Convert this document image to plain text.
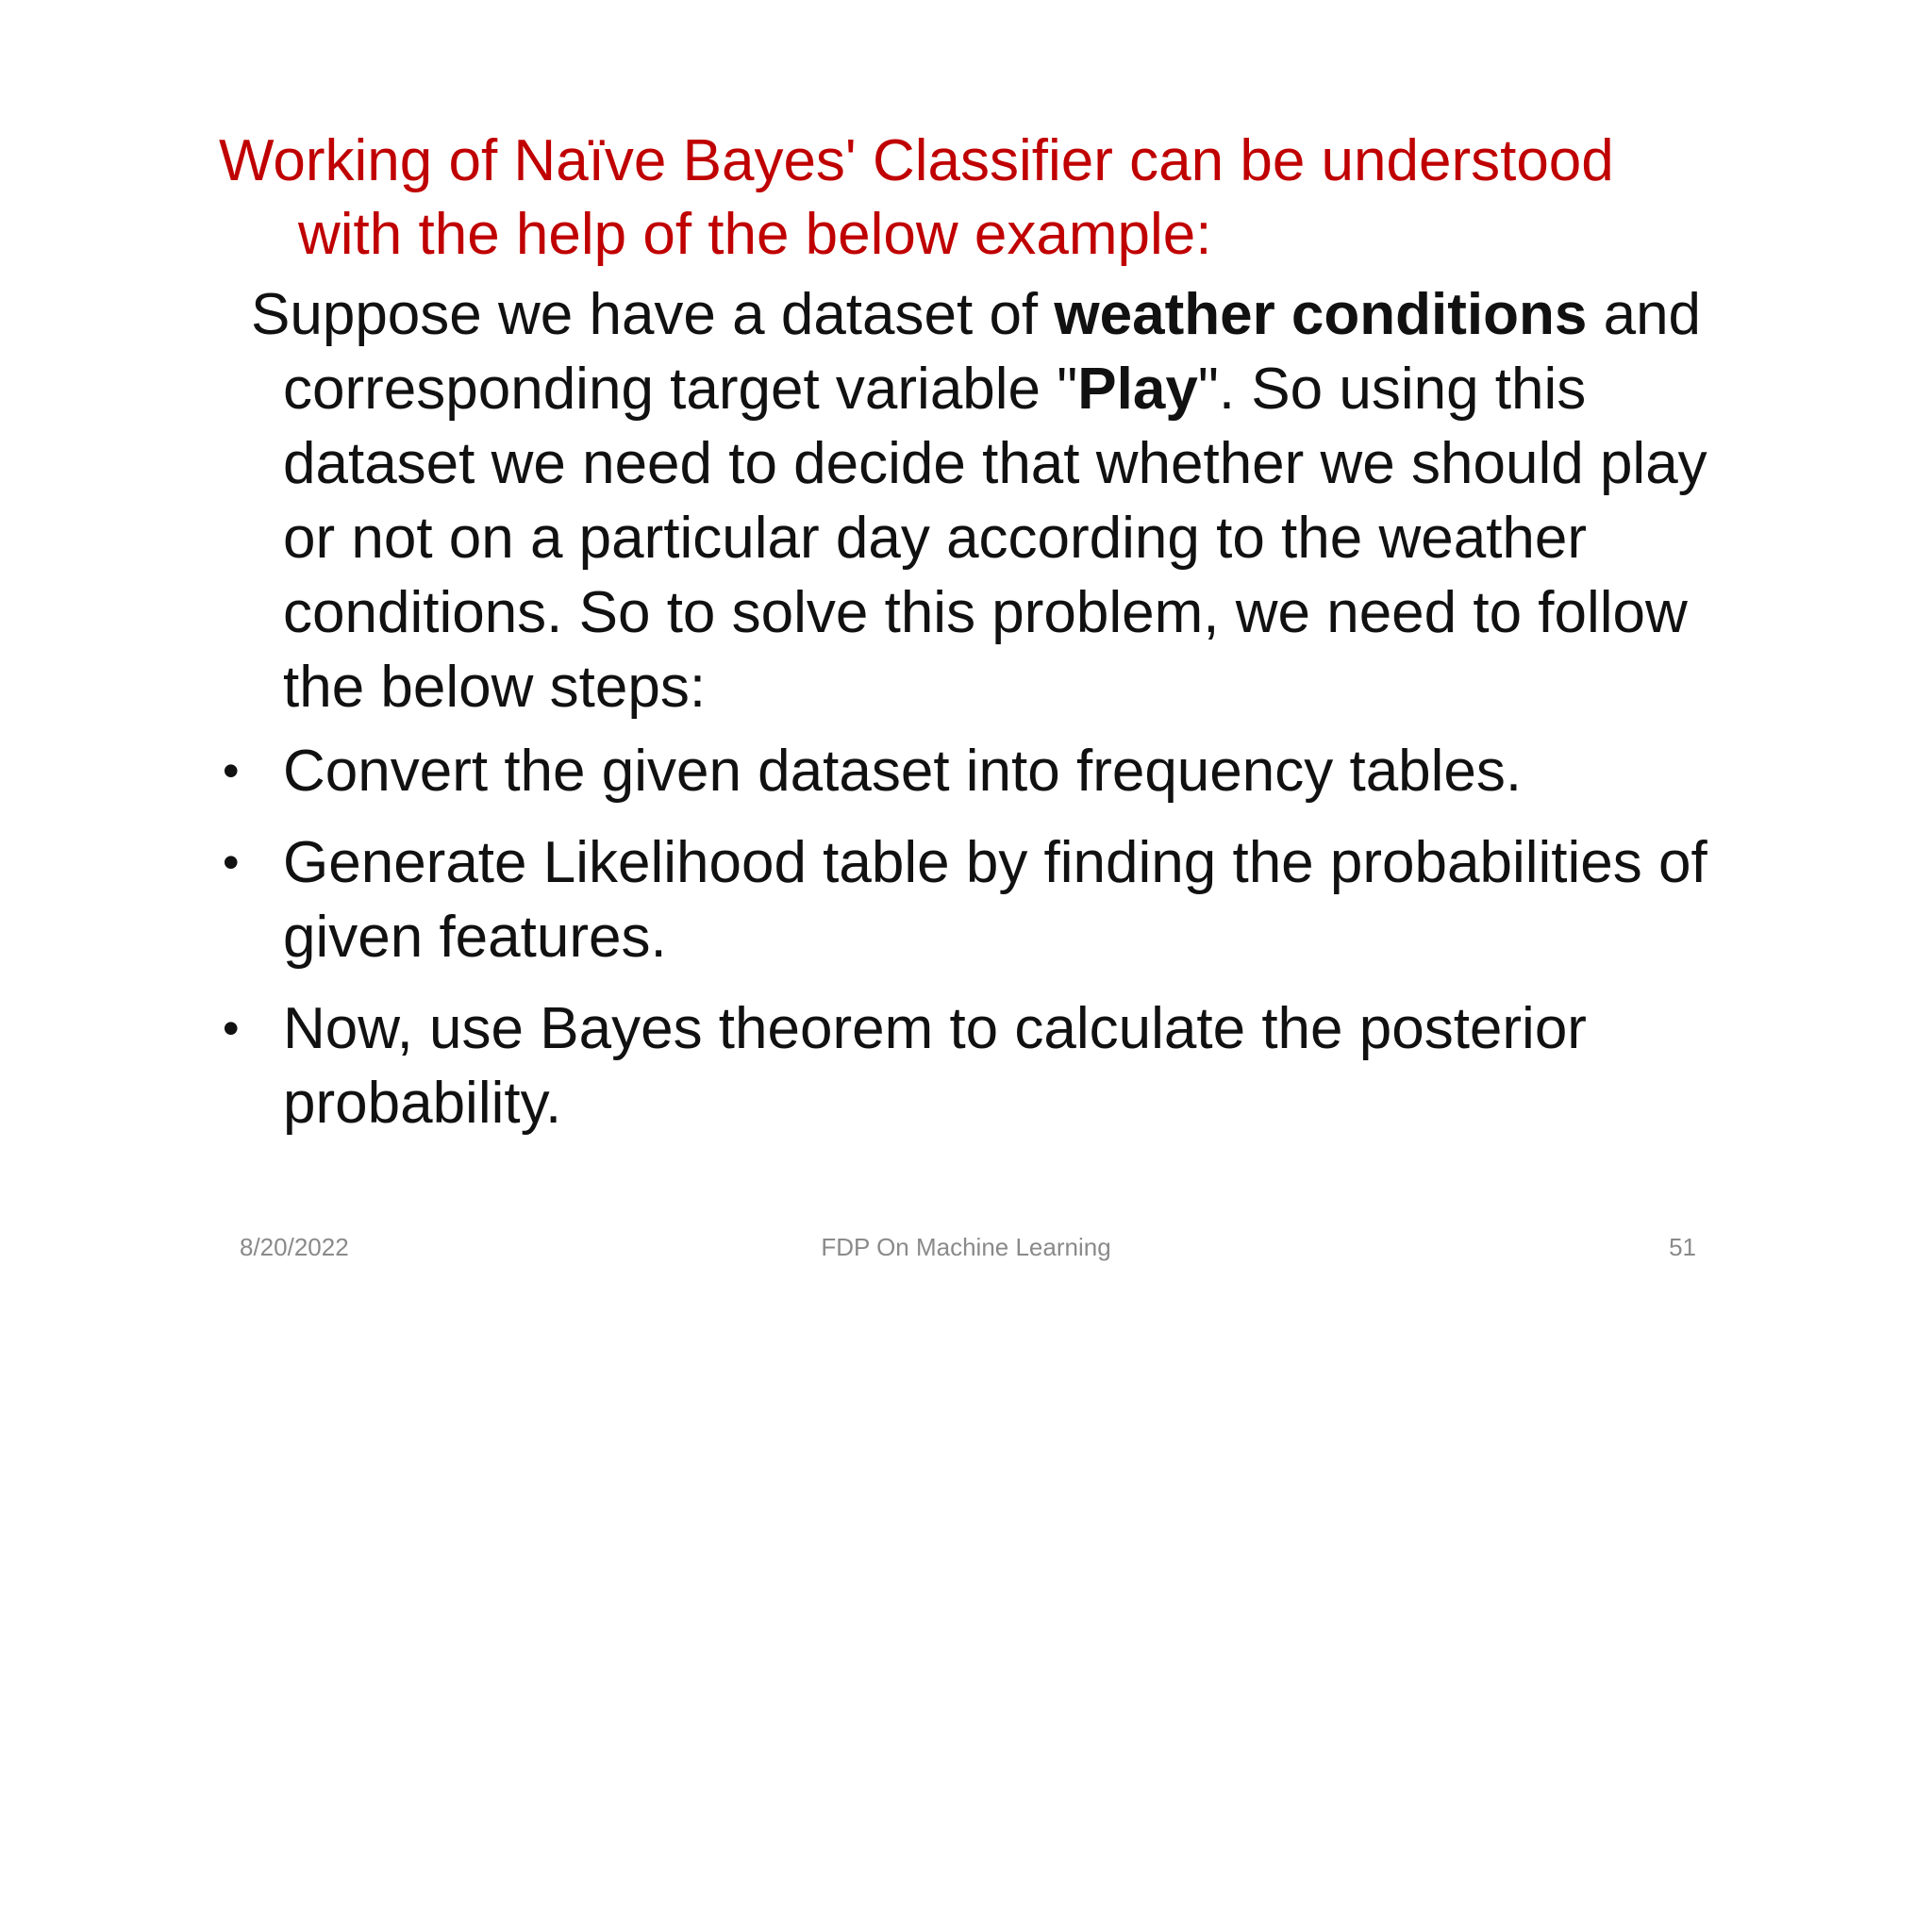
Working of Naïve Bayes' Classifier can be understood with the help of the below example:

Suppose we have a dataset of weather conditions and corresponding target variable "Play". So using this dataset we need to decide that whether we should play or not on a particular day according to the weather conditions. So to solve this problem, we need to follow the below steps:

• Convert the given dataset into frequency tables.
• Generate Likelihood table by finding the probabilities of given features.
• Now, use Bayes theorem to calculate the posterior probability.
8/20/2022	FDP On Machine Learning	51
